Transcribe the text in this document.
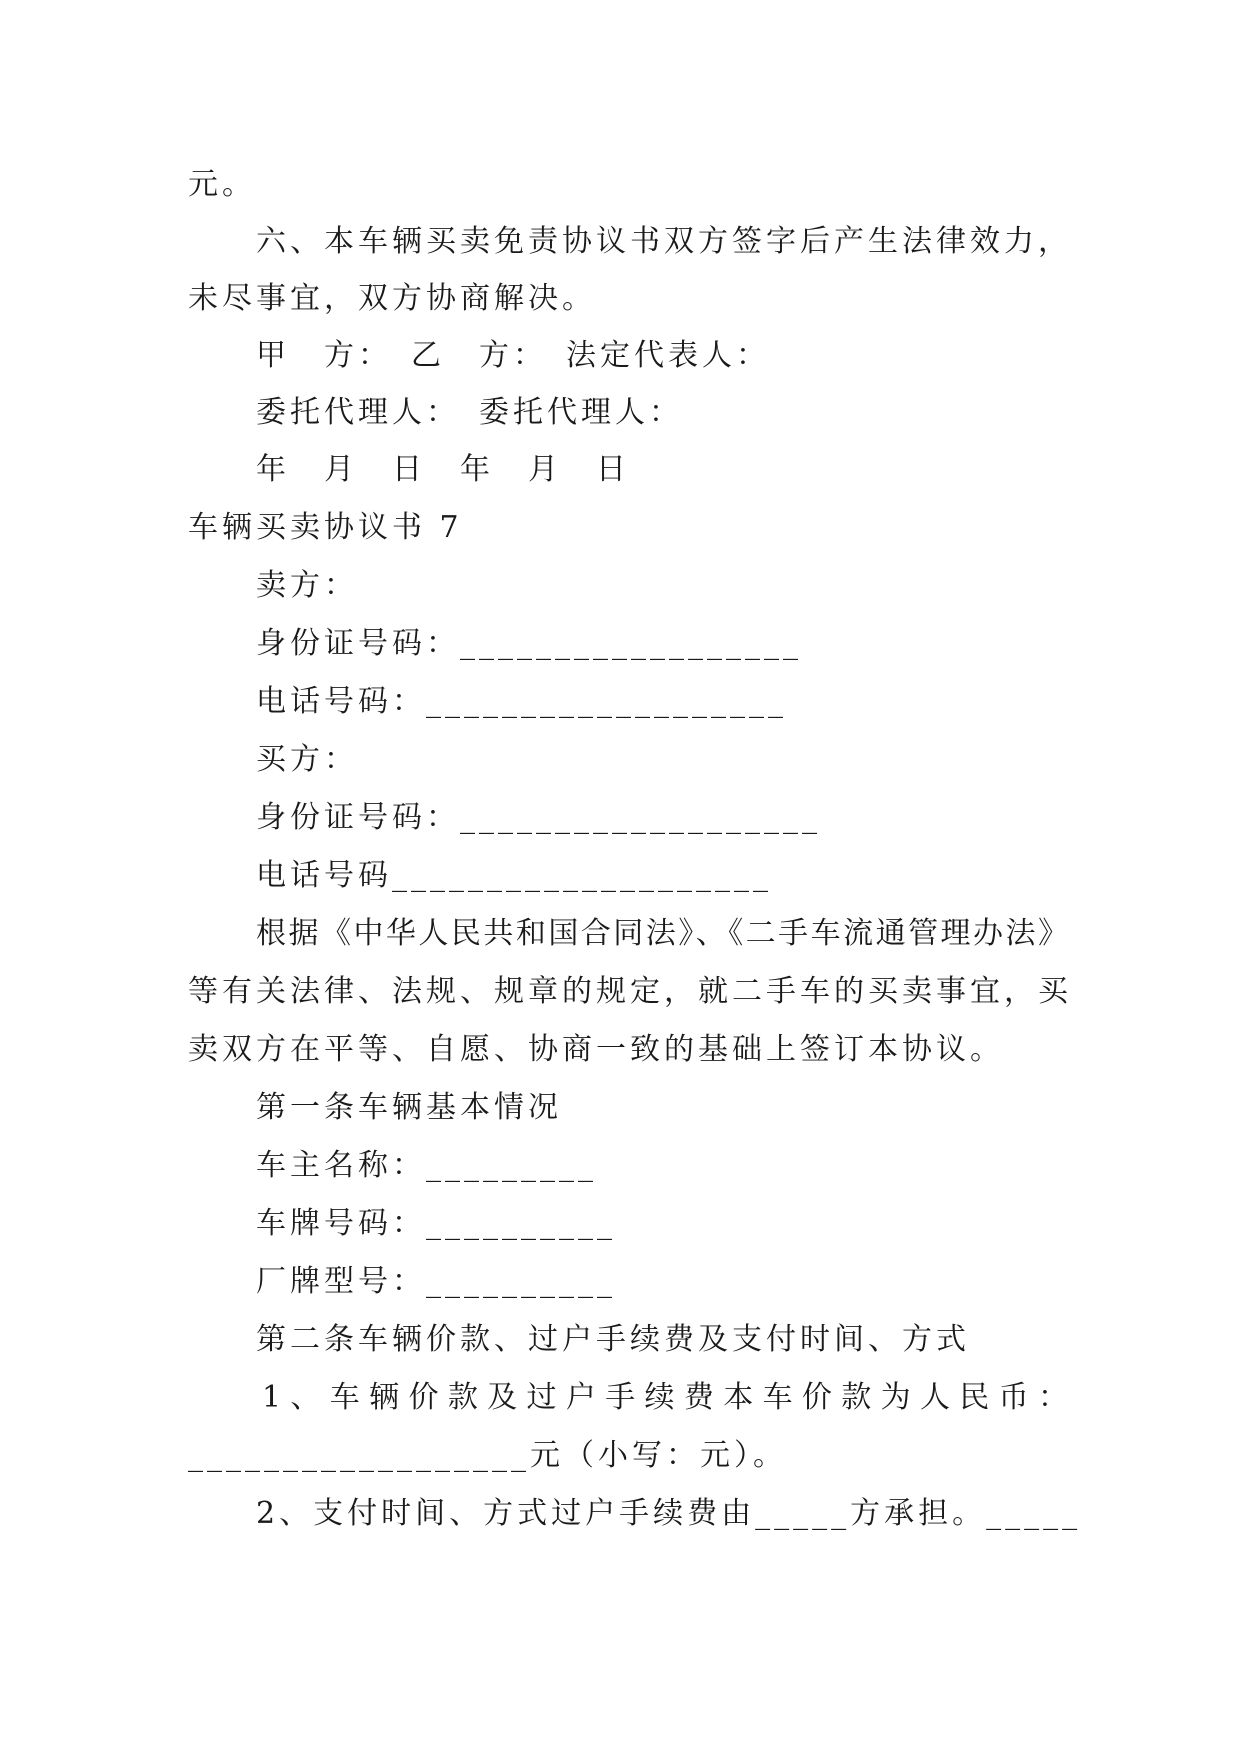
元。
六、本车辆买卖免责协议书双方签字后产生法律效力，
未尽事宜，双方协商解决。
甲　方：　乙　方：　法定代表人：
委托代理人：　委托代理人：
年　月　日　年　月　日
车辆买卖协议书 7
卖方：
身份证号码：__________________
电话号码：___________________
买方：
身份证号码：___________________
电话号码____________________
根据《中华人民共和国合同法》、《二手车流通管理办法》
等有关法律、法规、规章的规定，就二手车的买卖事宜，买
卖双方在平等、自愿、协商一致的基础上签订本协议。
第一条车辆基本情况
车主名称：_________
车牌号码：__________
厂牌型号：__________
第二条车辆价款、过户手续费及支付时间、方式
1、车辆价款及过户手续费本车价款为人民币：
__________________元（小写：元）。
2、支付时间、方式过户手续费由_____方承担。_____
